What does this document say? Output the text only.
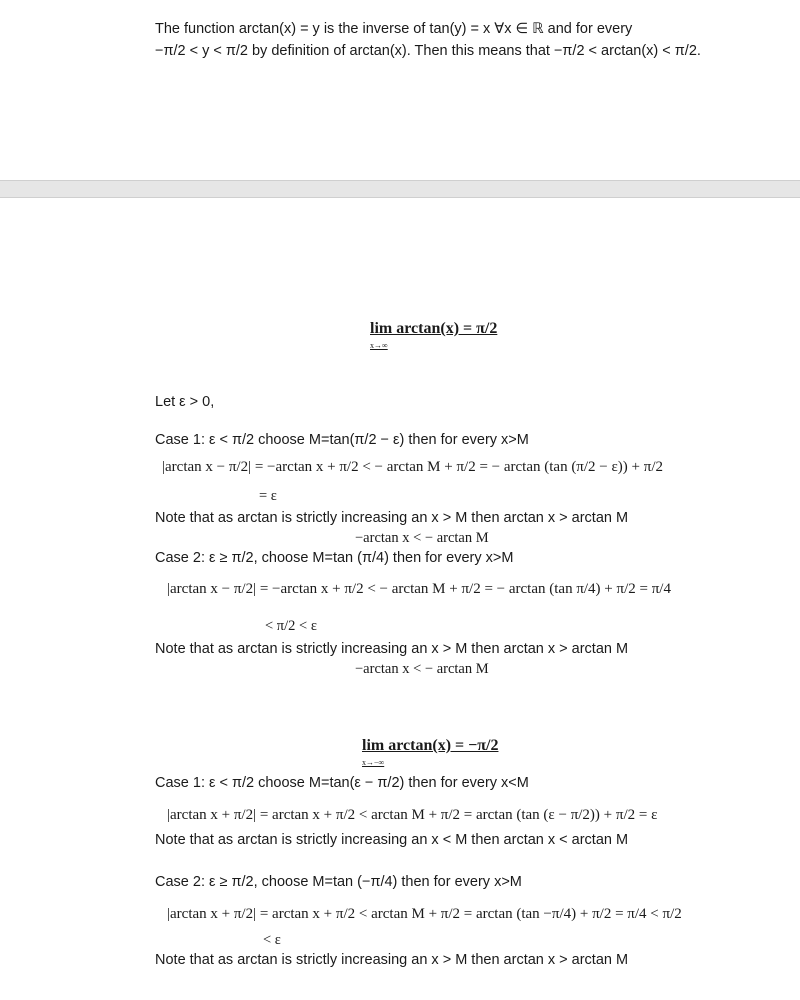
The function arctan(x) = y is the inverse of tan(y) = x ∀x ∈ ℝ and for every
−π/2 < y < π/2 by definition of arctan(x). Then this means that −π/2 < arctan(x) < π/2.
lim arctan(x) = π/2
x→∞
Let ε > 0,
Case 1: ε < π/2 choose M=tan(π/2 − ε) then for every x>M
|arctan x − π/2| = −arctan x + π/2 < − arctan M + π/2 = − arctan (tan (π/2 − ε)) + π/2
= ε
Note that as arctan is strictly increasing an x > M then arctan x > arctan M
−arctan x < − arctan M
Case 2: ε ≥ π/2, choose M=tan (π/4) then for every x>M
|arctan x − π/2| = −arctan x + π/2 < − arctan M + π/2 = − arctan (tan π/4) + π/2 = π/4
< π/2 < ε
Note that as arctan is strictly increasing an x > M then arctan x > arctan M
−arctan x < − arctan M
lim arctan(x) = −π/2
x→−∞
Case 1: ε < π/2 choose M=tan(ε − π/2) then for every x<M
|arctan x + π/2| = arctan x + π/2 < arctan M + π/2 = arctan (tan (ε − π/2)) + π/2 = ε
Note that as arctan is strictly increasing an x < M then arctan x < arctan M
Case 2: ε ≥ π/2, choose M=tan (−π/4) then for every x>M
|arctan x + π/2| = arctan x + π/2 < arctan M + π/2 = arctan (tan −π/4) + π/2 = π/4 < π/2
< ε
Note that as arctan is strictly increasing an x > M then arctan x > arctan M
